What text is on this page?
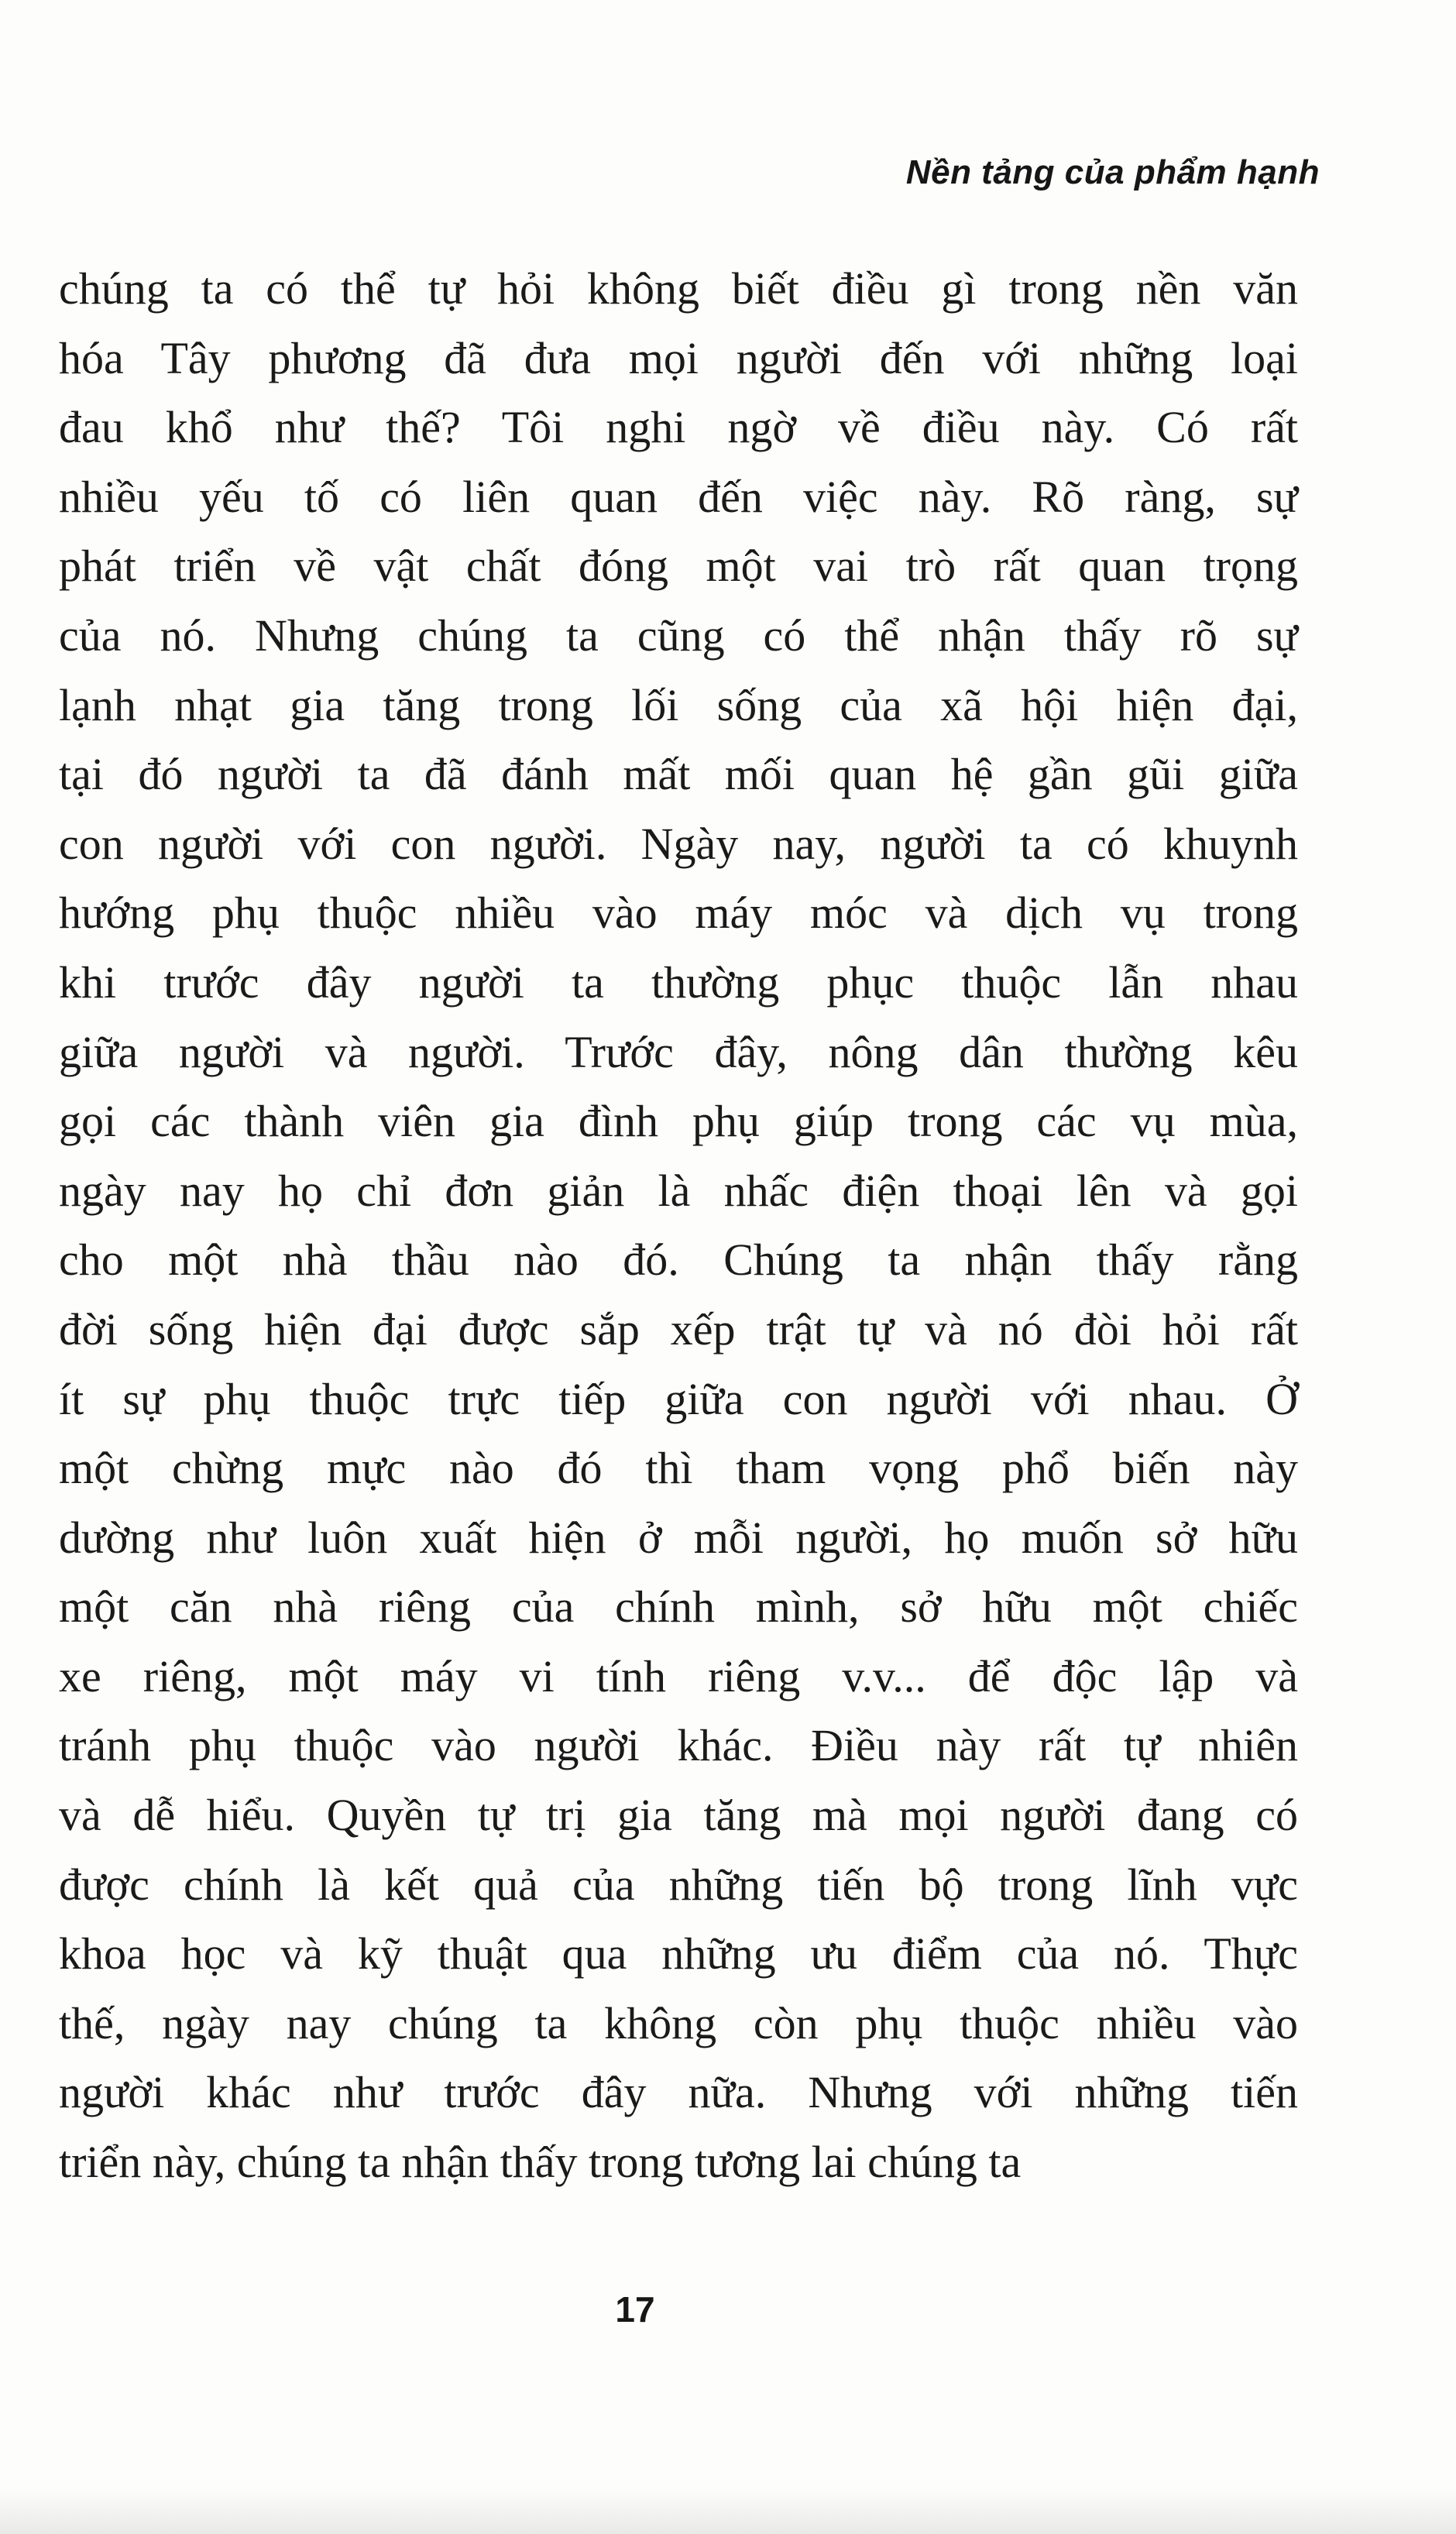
Nền tảng của phẩm hạnh
chúng ta có thể tự hỏi không biết điều gì trong nền văn
hóa Tây phương đã đưa mọi người đến với những loại
đau khổ như thế? Tôi nghi ngờ về điều này. Có rất
nhiều yếu tố có liên quan đến việc này. Rõ ràng, sự
phát triển về vật chất đóng một vai trò rất quan trọng
của nó. Nhưng chúng ta cũng có thể nhận thấy rõ sự
lạnh nhạt gia tăng trong lối sống của xã hội hiện đại,
tại đó người ta đã đánh mất mối quan hệ gần gũi giữa
con người với con người. Ngày nay, người ta có khuynh
hướng phụ thuộc nhiều vào máy móc và dịch vụ trong
khi trước đây người ta thường phục thuộc lẫn nhau
giữa người và người. Trước đây, nông dân thường kêu
gọi các thành viên gia đình phụ giúp trong các vụ mùa,
ngày nay họ chỉ đơn giản là nhấc điện thoại lên và gọi
cho một nhà thầu nào đó. Chúng ta nhận thấy rằng
đời sống hiện đại được sắp xếp trật tự và nó đòi hỏi rất
ít sự phụ thuộc trực tiếp giữa con người với nhau. Ở
một chừng mực nào đó thì tham vọng phổ biến này
dường như luôn xuất hiện ở mỗi người, họ muốn sở hữu
một căn nhà riêng của chính mình, sở hữu một chiếc
xe riêng, một máy vi tính riêng v.v... để độc lập và
tránh phụ thuộc vào người khác. Điều này rất tự nhiên
và dễ hiểu. Quyền tự trị gia tăng mà mọi người đang có
được chính là kết quả của những tiến bộ trong lĩnh vực
khoa học và kỹ thuật qua những ưu điểm của nó. Thực
thế, ngày nay chúng ta không còn phụ thuộc nhiều vào
người khác như trước đây nữa. Nhưng với những tiến
triển này, chúng ta nhận thấy trong tương lai chúng ta
17
